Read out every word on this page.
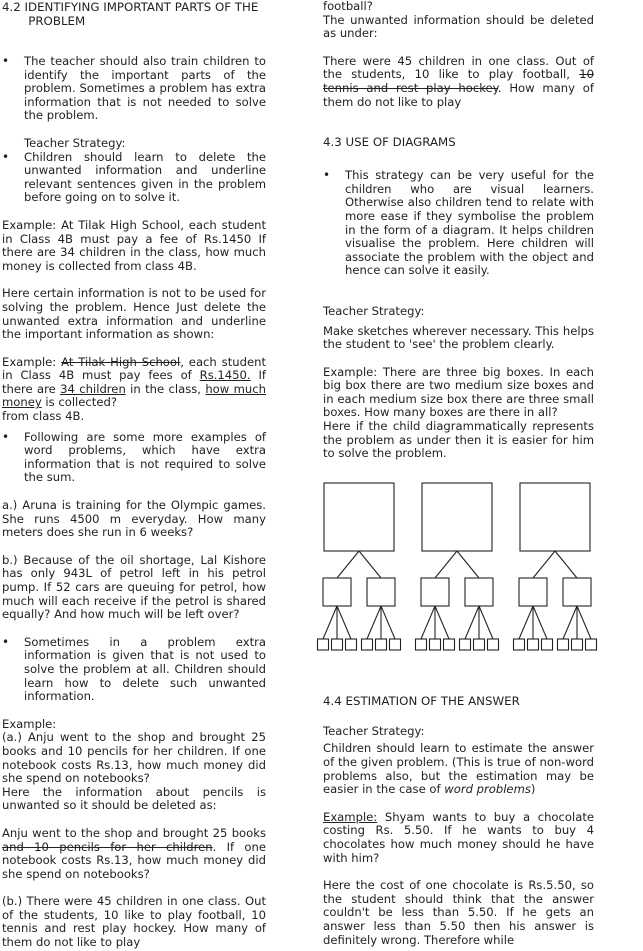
4.2 IDENTIFYING IMPORTANT PARTS OF THE
PROBLEM

• The teacher should also train children to identify the important parts of the problem. Sometimes a problem has extra information that is not needed to solve the problem.

Teacher Strategy:

• Children should learn to delete the unwanted information and underline relevant sentences given in the problem before going on to solve it.

Example: At Tilak High School, each student in Class 4B must pay a fee of Rs.1450 If there are 34 children in the class, how much money is collected from class 4B.

Here certain information is not to be used for solving the problem. Hence Just delete the unwanted extra information and underline the important information as shown:

Example: At Tilak High School, each student in Class 4B must pay fees of Rs.1450. If there are 34 children in the class, how much money is collected?

from class 4B.

• Following are some more examples of word problems, which have extra information that is not required to solve the sum.

a.) Aruna is training for the Olympic games. She runs 4500 m everyday. How many meters does she run in 6 weeks?

b.) Because of the oil shortage, Lal Kishore has only 943L of petrol left in his petrol pump. If 52 cars are queuing for petrol, how much will each receive if the petrol is shared equally? And how much will be left over?

• Sometimes in a problem extra information is given that is not used to solve the problem at all. Children should learn how to delete such unwanted information.

Example:

(a.) Anju went to the shop and brought 25 books and 10 pencils for her children. If one notebook costs Rs.13, how much money did she spend on notebooks?

Here the information about pencils is unwanted so it should be deleted as:

Anju went to the shop and brought 25 books and 10 pencils for her children. If one notebook costs Rs.13, how much money did she spend on notebooks?

(b.) There were 45 children in one class. Out of the students, 10 like to play football, 10 tennis and rest play hockey. How many of them do not like to play

football?

The unwanted information should be deleted as under:

There were 45 children in one class. Out of the students, 10 like to play football, 10 tennis and rest play hockey. How many of them do not like to play

4.3 USE OF DIAGRAMS

• This strategy can be very useful for the children who are visual learners. Otherwise also children tend to relate with more ease if they symbolise the problem in the form of a diagram. It helps children visualise the problem. Here children will associate the problem with the object and hence can solve it easily.

Teacher Strategy:

Make sketches wherever necessary. This helps the student to 'see' the problem clearly.

Example: There are three big boxes. In each big box there are two medium size boxes and in each medium size box there are three small boxes. How many boxes are there in all?

Here if the child diagrammatically represents the problem as under then it is easier for him to solve the problem.

4.4 ESTIMATION OF THE ANSWER

Teacher Strategy:

Children should learn to estimate the answer of the given problem. (This is true of non-word problems also, but the estimation may be easier in the case of word problems)

Example: Shyam wants to buy a chocolate costing Rs. 5.50. If he wants to buy 4 chocolates how much money should he have with him?

Here the cost of one chocolate is Rs.5.50, so the student should think that the answer couldn't be less than 5.50. If he gets an answer less than 5.50 then his answer is definitely wrong. Therefore while
